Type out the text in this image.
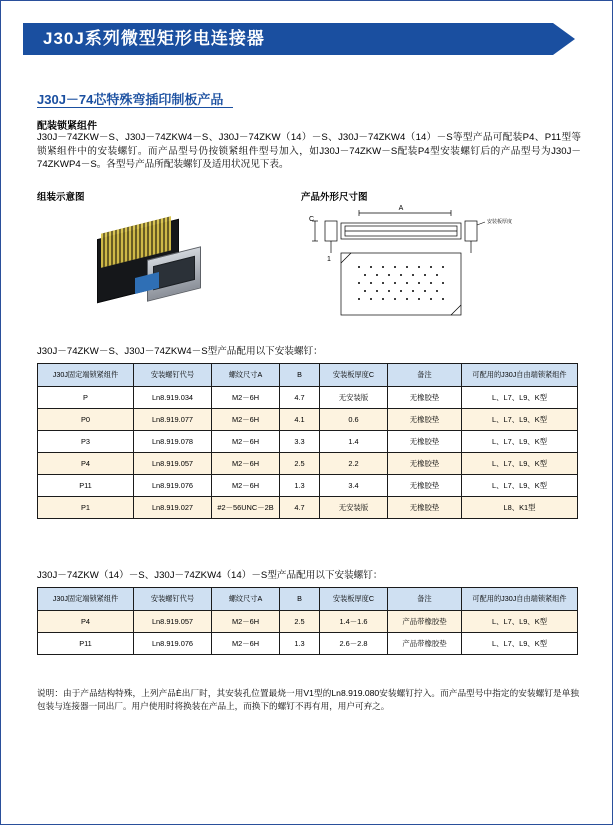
J30J系列微型矩形电连接器
J30J－74芯特殊弯插印制板产品
配装锁紧组件
J30J－74ZKW－S、J30J－74ZKW4－S、J30J－74ZKW（14）－S、J30J－74ZKW4（14）－S等型产品可配装P4、P11型等锁紧组件中的安装螺钉。而产品型号仍按锁紧组件型号加入，如J30J－74ZKW－S配装P4型安装螺钉后的产品型号为J30J－74ZKWP4－S。各型号产品所配装螺钉及适用状况见下表。
组装示意图	产品外形尺寸图
A
C
1
安装板厚度
J30J－74ZKW－S、J30J－74ZKW4－S型产品配用以下安装螺钉：
J30J固定端锁紧组件	安装螺钉代号	螺纹尺寸A	B	安装板厚度C	备注	可配用的J30J自由端锁紧组件
P	Ln8.919.034	M2－6H	4.7	无安装版	无橡胶垫	L、L7、L9、K型
P0	Ln8.919.077	M2－6H	4.1	0.6	无橡胶垫	L、L7、L9、K型
P3	Ln8.919.078	M2－6H	3.3	1.4	无橡胶垫	L、L7、L9、K型
P4	Ln8.919.057	M2－6H	2.5	2.2	无橡胶垫	L、L7、L9、K型
P11	Ln8.919.076	M2－6H	1.3	3.4	无橡胶垫	L、L7、L9、K型
P1	Ln8.919.027	#2－56UNC－2B	4.7	无安装版	无橡胶垫	L8、K1型
J30J－74ZKW（14）－S、J30J－74ZKW4（14）－S型产品配用以下安装螺钉：
J30J固定端锁紧组件	安装螺钉代号	螺纹尺寸A	B	安装板厚度C	备注	可配用的J30J自由端锁紧组件
P4	Ln8.919.057	M2－6H	2.5	1.4－1.6	产品带橡胶垫	L、L7、L9、K型
P11	Ln8.919.076	M2－6H	1.3	2.6－2.8	产品带橡胶垫	L、L7、L9、K型
说明：由于产品结构特殊，上列产品È出厂时，其安装孔位置最烧一用V1型的Ln8.919.080安装螺钉拧入。而产品型号中指定的安装螺钉是单独包装与连接器一同出厂。用户使用时将换装在产品上，而换下的螺钉不再有用，用户可弃之。
